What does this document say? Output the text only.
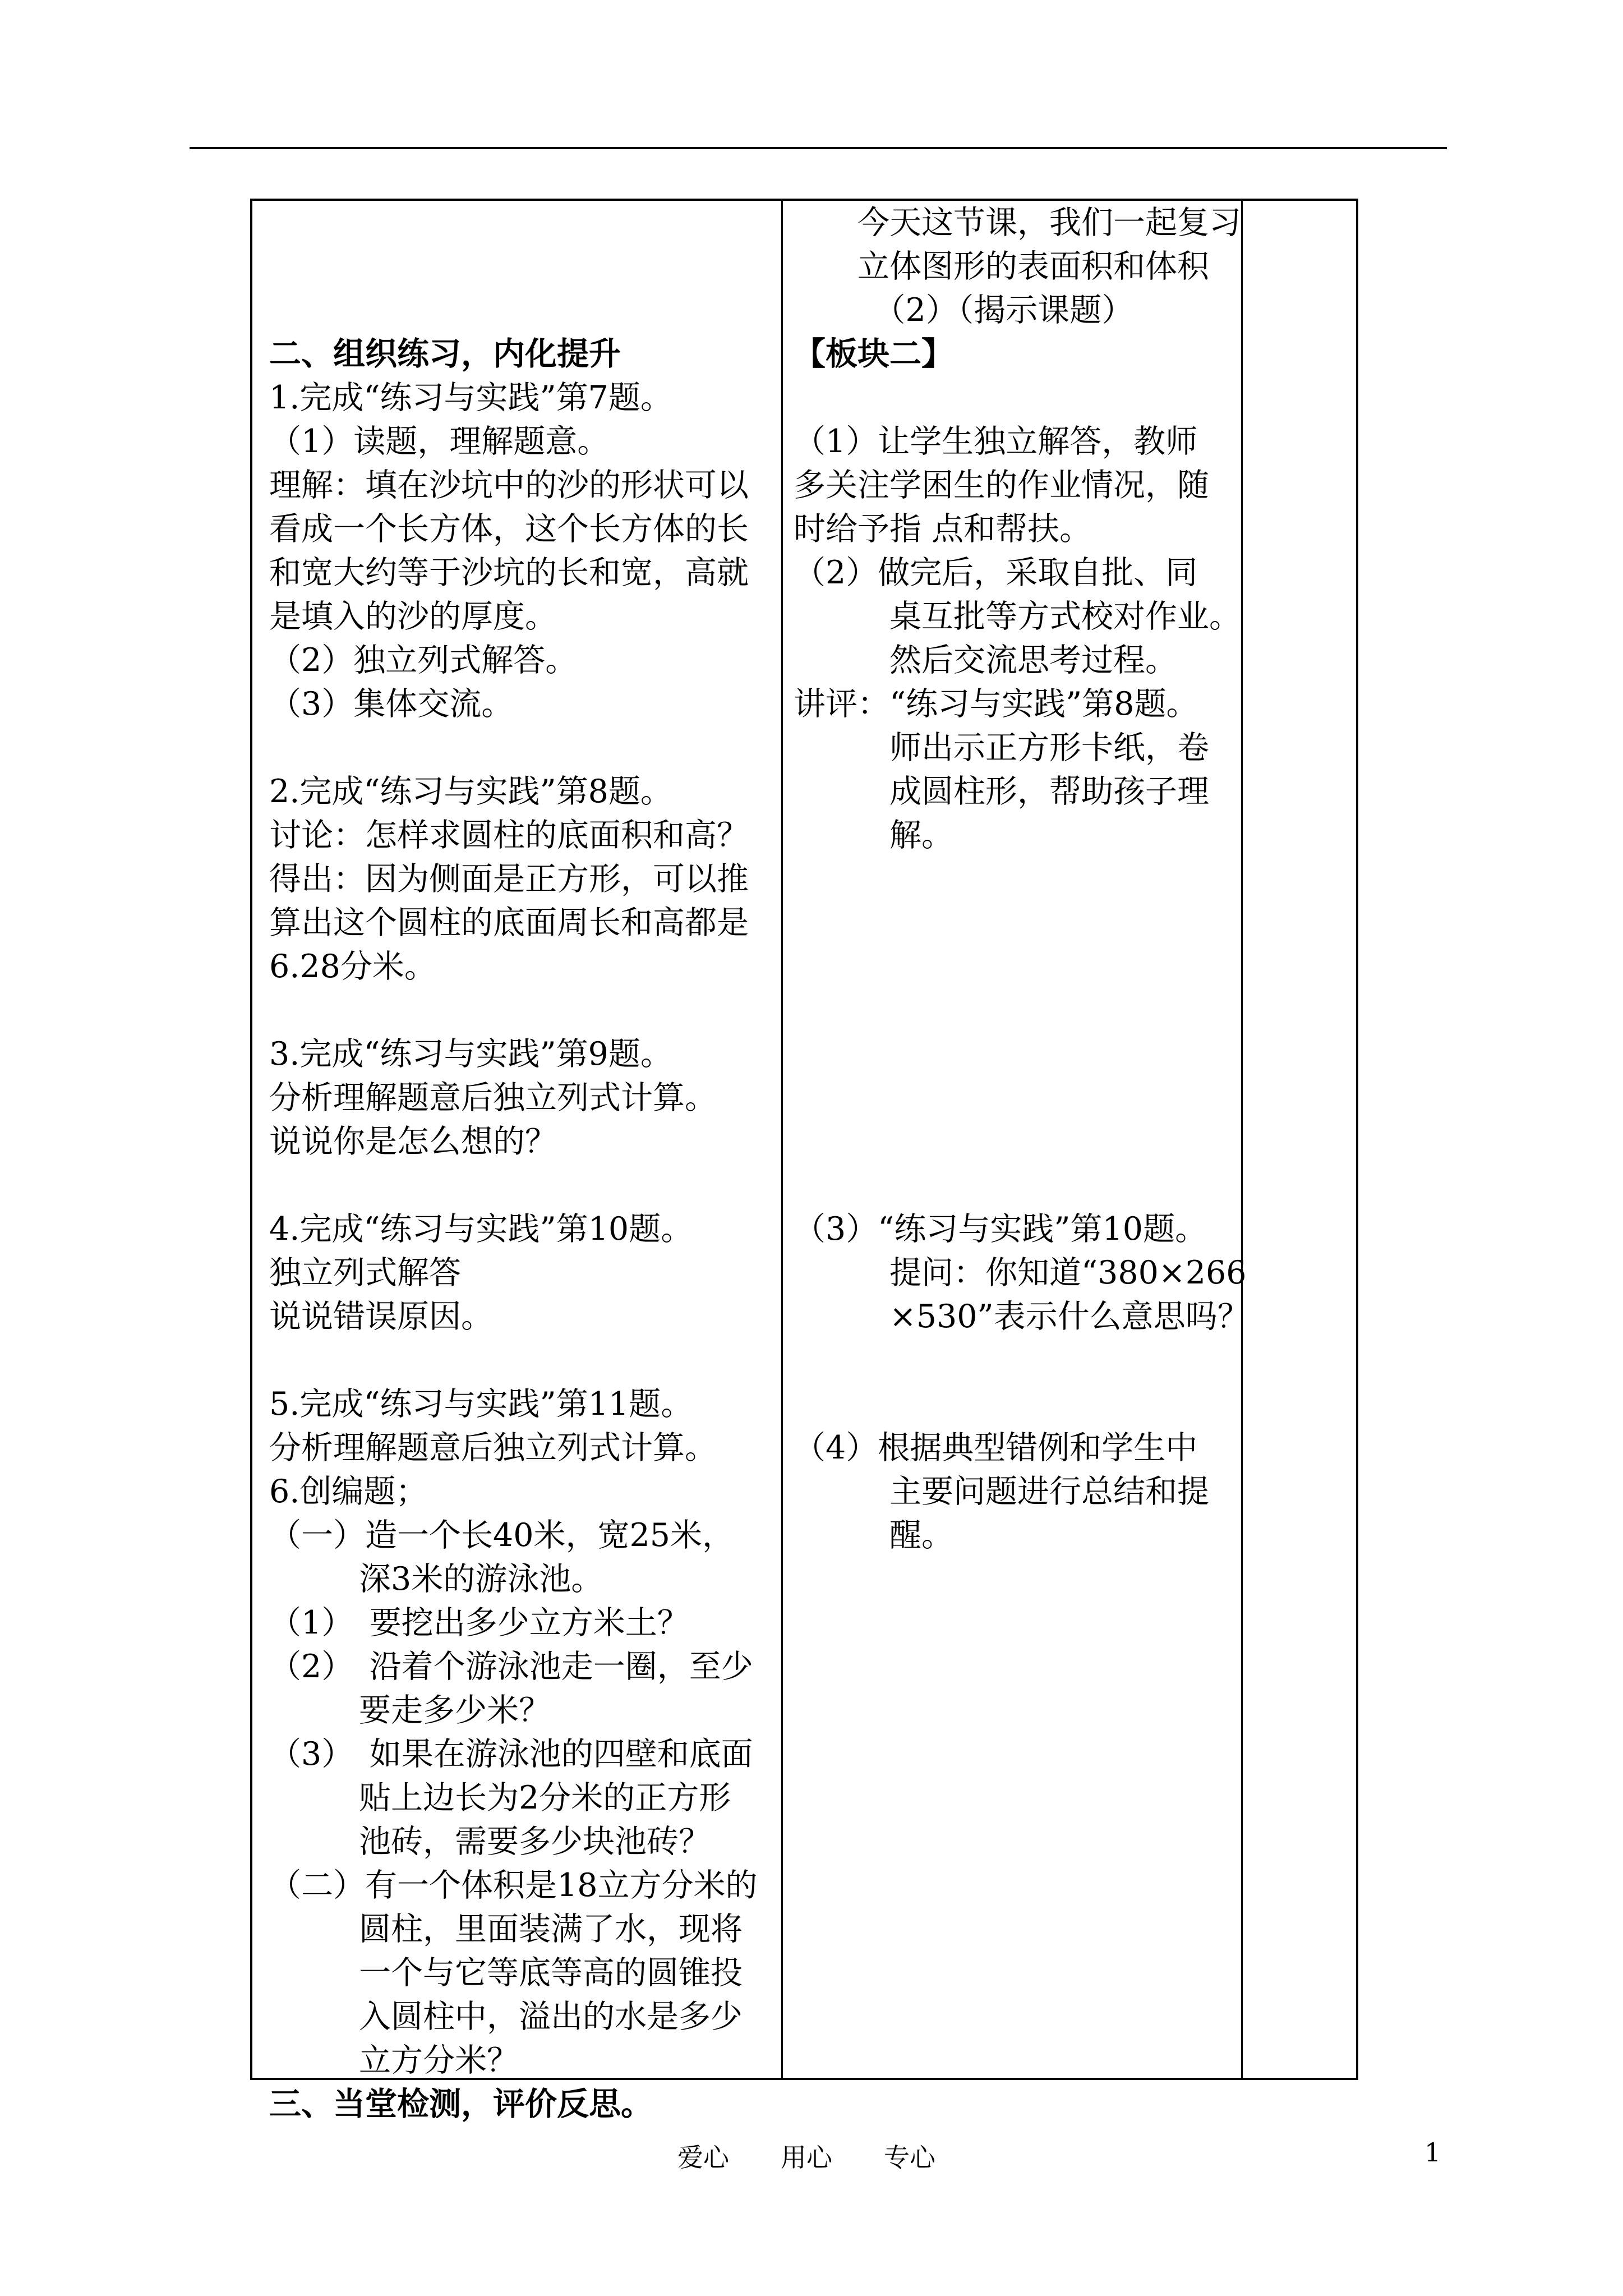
二、组织练习，内化提升

1.完成“练习与实践”第7题。

（1）读题，理解题意。

理解：填在沙坑中的沙的形状可以

看成一个长方体，这个长方体的长

和宽大约等于沙坑的长和宽，高就

是填入的沙的厚度。

（2）独立列式解答。

（3）集体交流。

2.完成“练习与实践”第8题。

讨论：怎样求圆柱的底面积和高？

得出：因为侧面是正方形，可以推

算出这个圆柱的底面周长和高都是

6.28分米。

3.完成“练习与实践”第9题。

分析理解题意后独立列式计算。

说说你是怎么想的？

4.完成“练习与实践”第10题。

独立列式解答

说说错误原因。

5.完成“练习与实践”第11题。

分析理解题意后独立列式计算。

6.创编题；

（一）造一个长40米，宽25米，

深3米的游泳池。

（1）　要挖出多少立方米土？

（2）　沿着个游泳池走一圈，至少

要走多少米？

（3）　如果在游泳池的四壁和底面

贴上边长为2分米的正方形

池砖，需要多少块池砖？

（二）有一个体积是18立方分米的

圆柱，里面装满了水，现将

一个与它等底等高的圆锥投

入圆柱中，溢出的水是多少

立方分米？

三、当堂检测，评价反思。

　　今天这节课，我们一起复习

　　立体图形的表面积和体积

　　　（2）（揭示课题）

【板块二】

（1）让学生独立解答，教师

多关注学困生的作业情况，随

时给予指 点和帮扶。

（2）做完后，采取自批、同

　　　桌互批等方式校对作业。

　　　然后交流思考过程。

讲评：“练习与实践”第8题。

　　　师出示正方形卡纸，卷

　　　成圆柱形，帮助孩子理

　　　解。

（3）“练习与实践”第10题。

　　　提问：你知道“380×266

　　　×530”表示什么意思吗？

（4）根据典型错例和学生中

　　　主要问题进行总结和提

　　　醒。

爱心　　用心　　专心	1
